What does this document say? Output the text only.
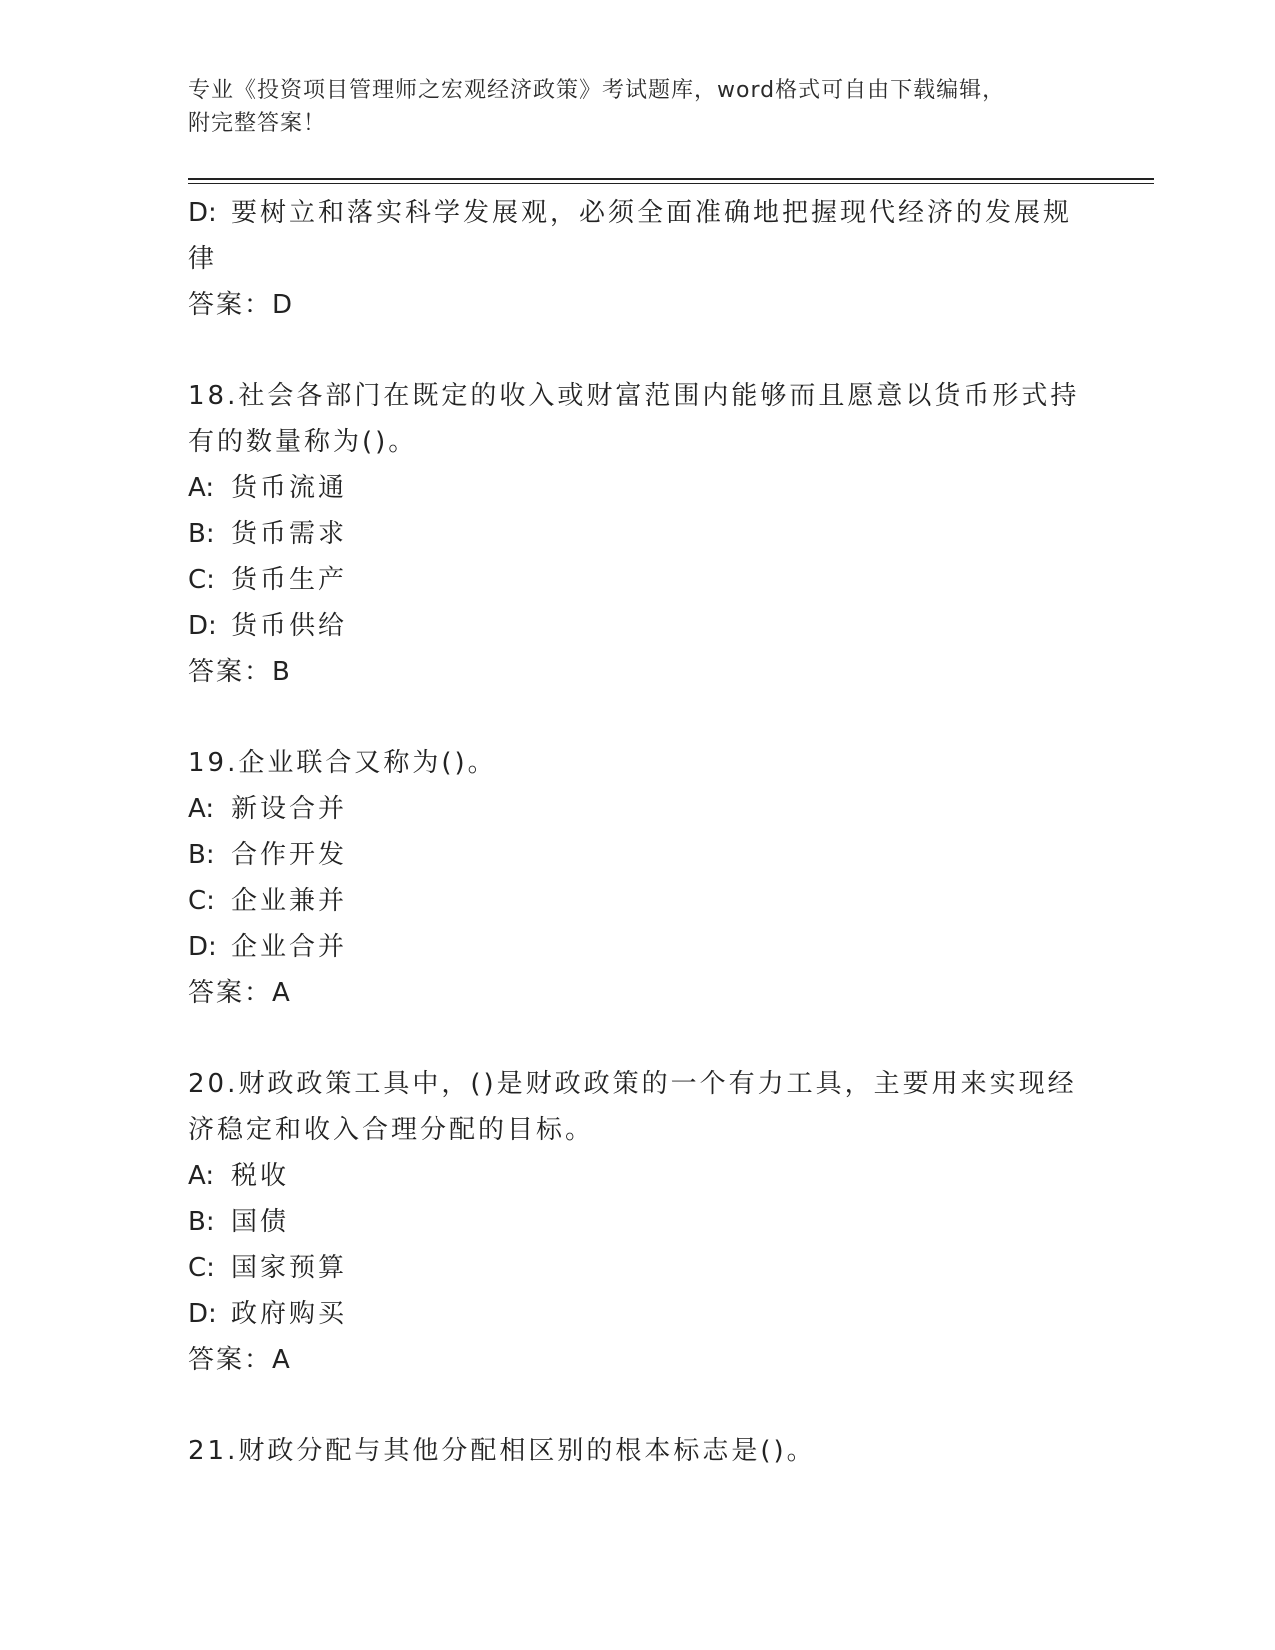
专业《投资项目管理师之宏观经济政策》考试题库，word格式可自由下载编辑，
附完整答案！
D: 要树立和落实科学发展观，必须全面准确地把握现代经济的发展规律
答案：D
18.社会各部门在既定的收入或财富范围内能够而且愿意以货币形式持有的数量称为()。
A: 货币流通
B: 货币需求
C: 货币生产
D: 货币供给
答案：B
19.企业联合又称为()。
A: 新设合并
B: 合作开发
C: 企业兼并
D: 企业合并
答案：A
20.财政政策工具中，()是财政政策的一个有力工具，主要用来实现经济稳定和收入合理分配的目标。
A: 税收
B: 国债
C: 国家预算
D: 政府购买
答案：A
21.财政分配与其他分配相区别的根本标志是()。
